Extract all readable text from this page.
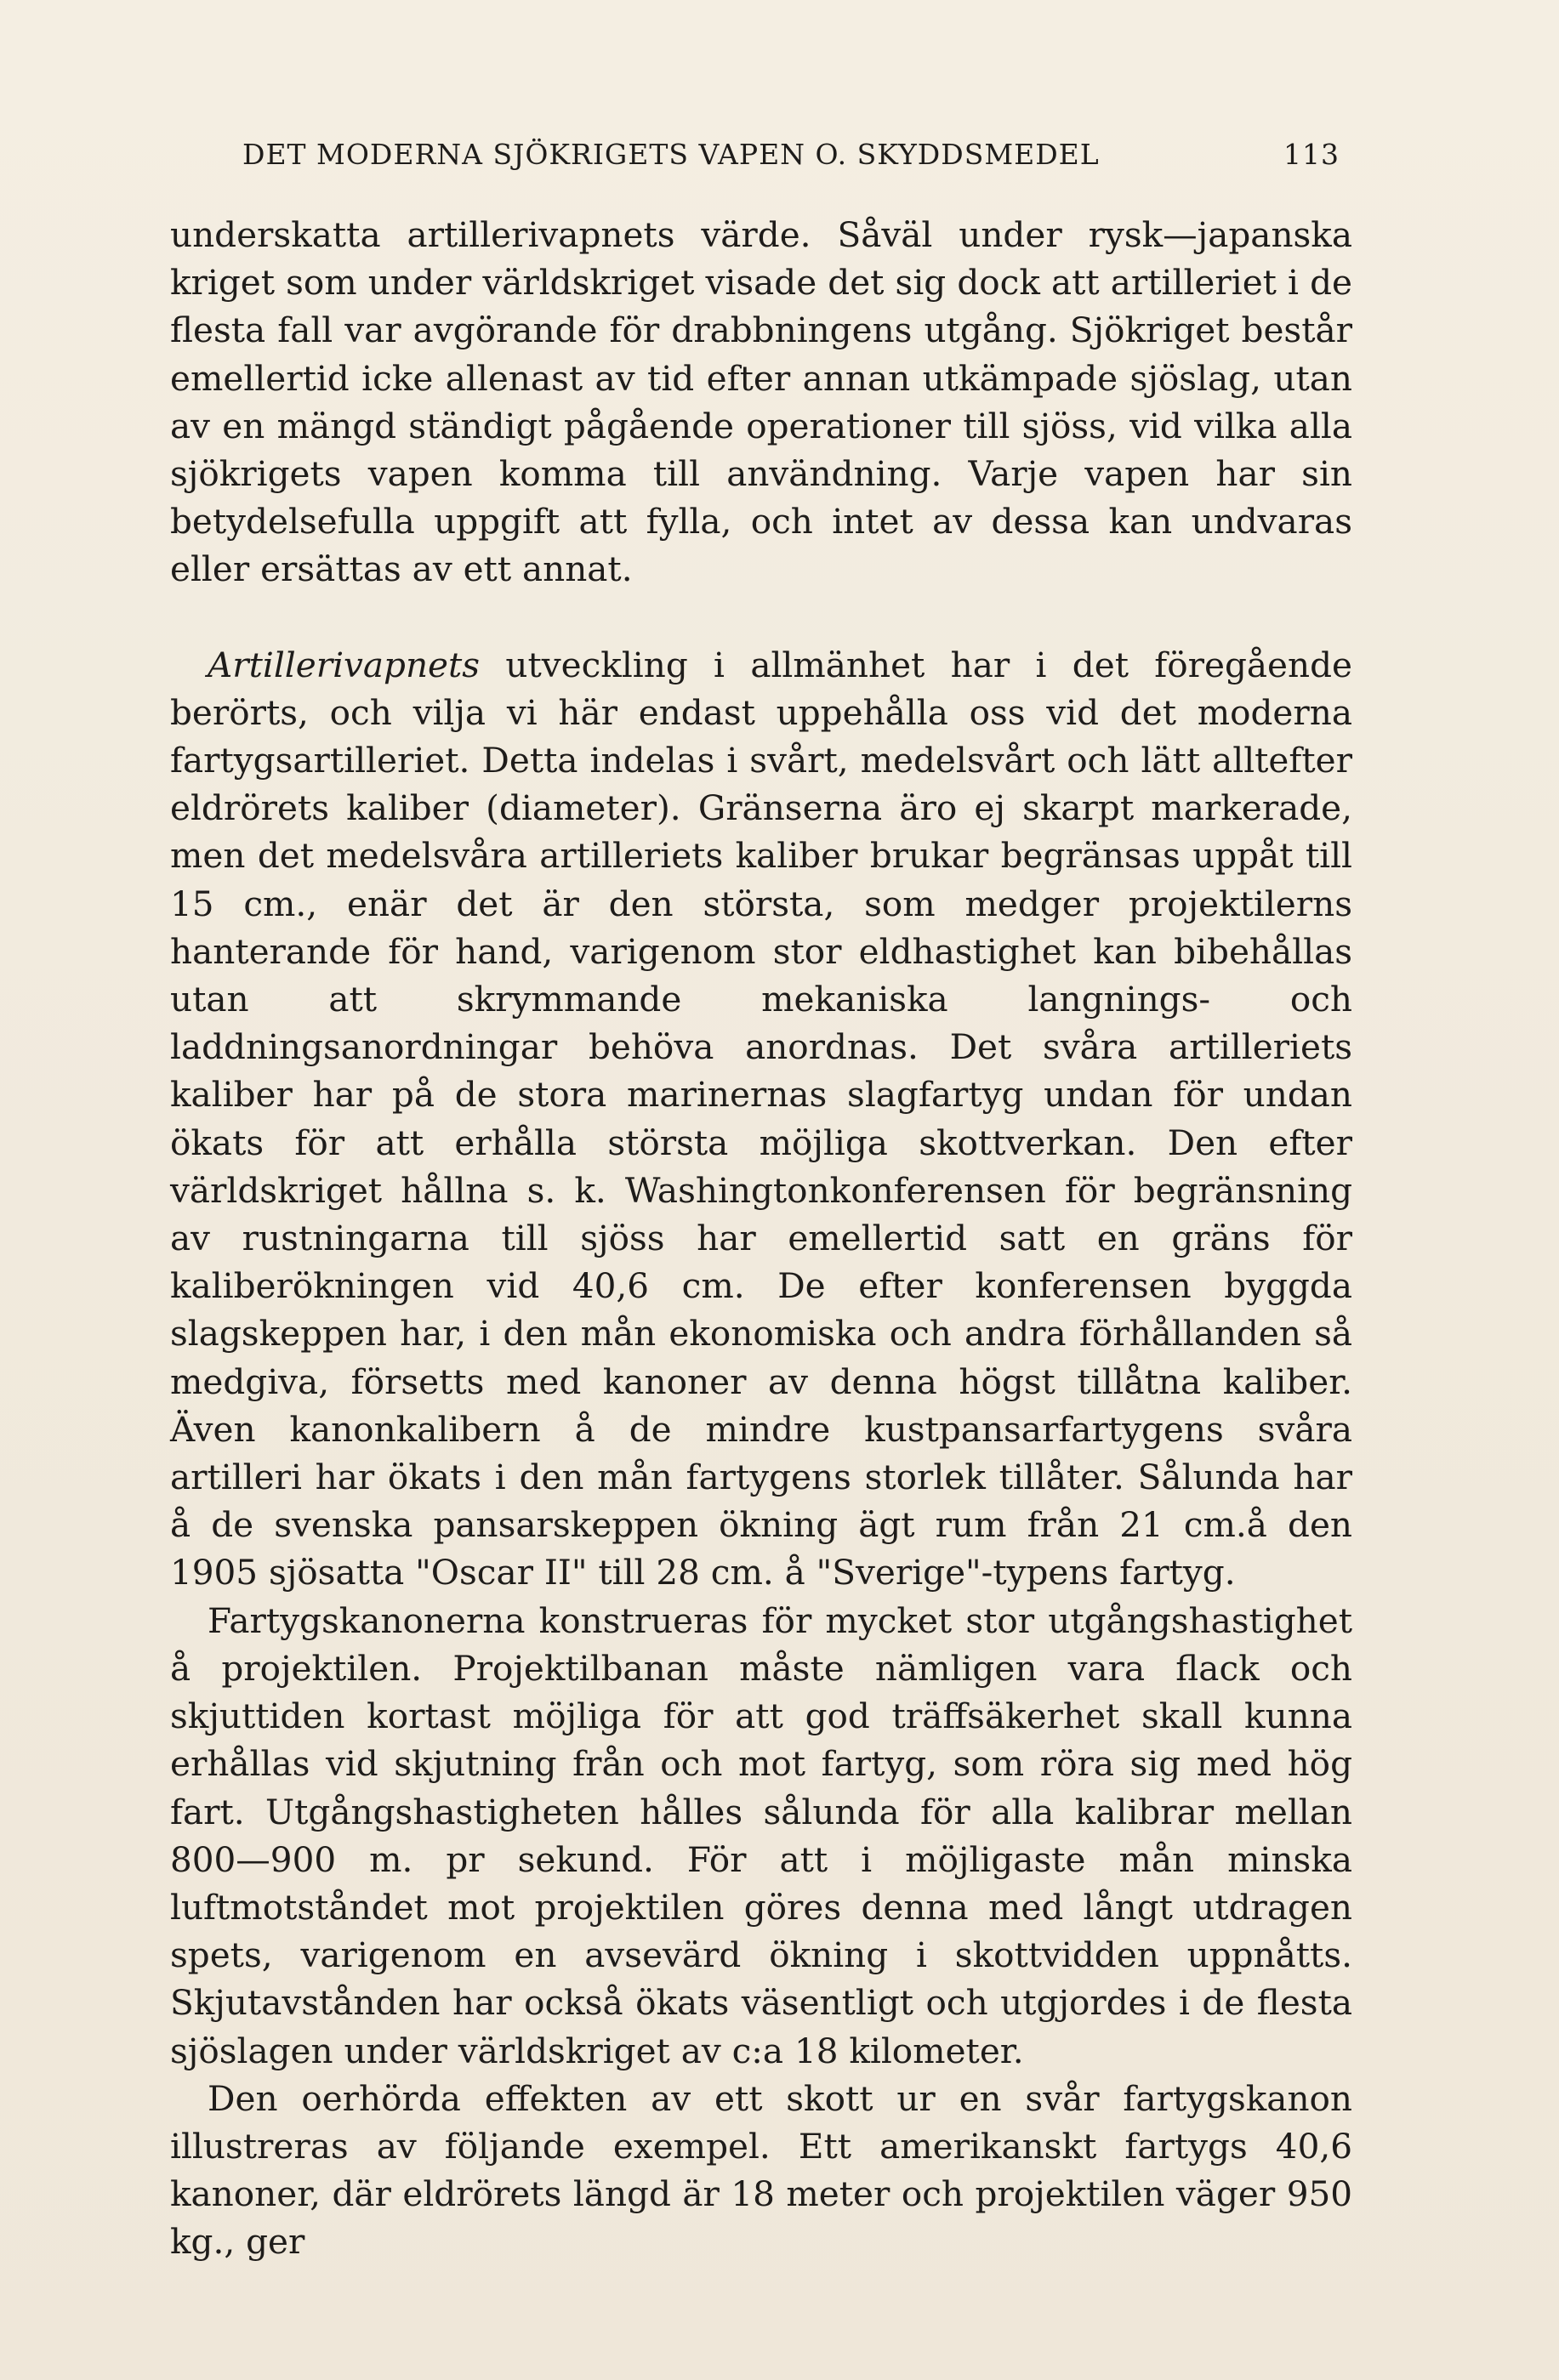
DET MODERNA SJÖKRIGETS VAPEN O. SKYDDSMEDEL	113

underskatta artillerivapnets värde. Såväl under rysk—japanska kriget som under världskriget visade det sig dock att artilleriet i de flesta fall var avgörande för drabbningens utgång. Sjökriget består emellertid icke allenast av tid efter annan utkämpade sjöslag, utan av en mängd ständigt pågående operationer till sjöss, vid vilka alla sjökrigets vapen komma till användning. Varje vapen har sin betydelsefulla uppgift att fylla, och intet av dessa kan undvaras eller ersättas av ett annat.

Artillerivapnets utveckling i allmänhet har i det föregående berörts, och vilja vi här endast uppehålla oss vid det moderna fartygsartilleriet. Detta indelas i svårt, medelsvårt och lätt alltefter eldrörets kaliber (diameter). Gränserna äro ej skarpt markerade, men det medelsvåra artilleriets kaliber brukar begränsas uppåt till 15 cm., enär det är den största, som medger projektilerns hanterande för hand, varigenom stor eldhastighet kan bibehållas utan att skrymmande mekaniska langnings- och laddningsanordningar behöva anordnas. Det svåra artilleriets kaliber har på de stora marinernas slagfartyg undan för undan ökats för att erhålla största möjliga skottverkan. Den efter världskriget hållna s. k. Washingtonkonferensen för begränsning av rustningarna till sjöss har emellertid satt en gräns för kaliberökningen vid 40,6 cm. De efter konferensen byggda slagskeppen har, i den mån ekonomiska och andra förhållanden så medgiva, försetts med kanoner av denna högst tillåtna kaliber. Även kanonkalibern å de mindre kustpansarfartygens svåra artilleri har ökats i den mån fartygens storlek tillåter. Sålunda har å de svenska pansarskeppen ökning ägt rum från 21 cm.å den 1905 sjösatta "Oscar II" till 28 cm. å "Sverige"-typens fartyg.

Fartygskanonerna konstrueras för mycket stor utgångshastighet å projektilen. Projektilbanan måste nämligen vara flack och skjuttiden kortast möjliga för att god träffsäkerhet skall kunna erhållas vid skjutning från och mot fartyg, som röra sig med hög fart. Utgångshastigheten hålles sålunda för alla kalibrar mellan 800—900 m. pr sekund. För att i möjligaste mån minska luftmotståndet mot projektilen göres denna med långt utdragen spets, varigenom en avsevärd ökning i skottvidden uppnåtts. Skjutavstånden har också ökats väsentligt och utgjordes i de flesta sjöslagen under världskriget av c:a 18 kilometer.

Den oerhörda effekten av ett skott ur en svår fartygskanon illustreras av följande exempel. Ett amerikanskt fartygs 40,6 kanoner, där eldrörets längd är 18 meter och projektilen väger 950 kg., ger
